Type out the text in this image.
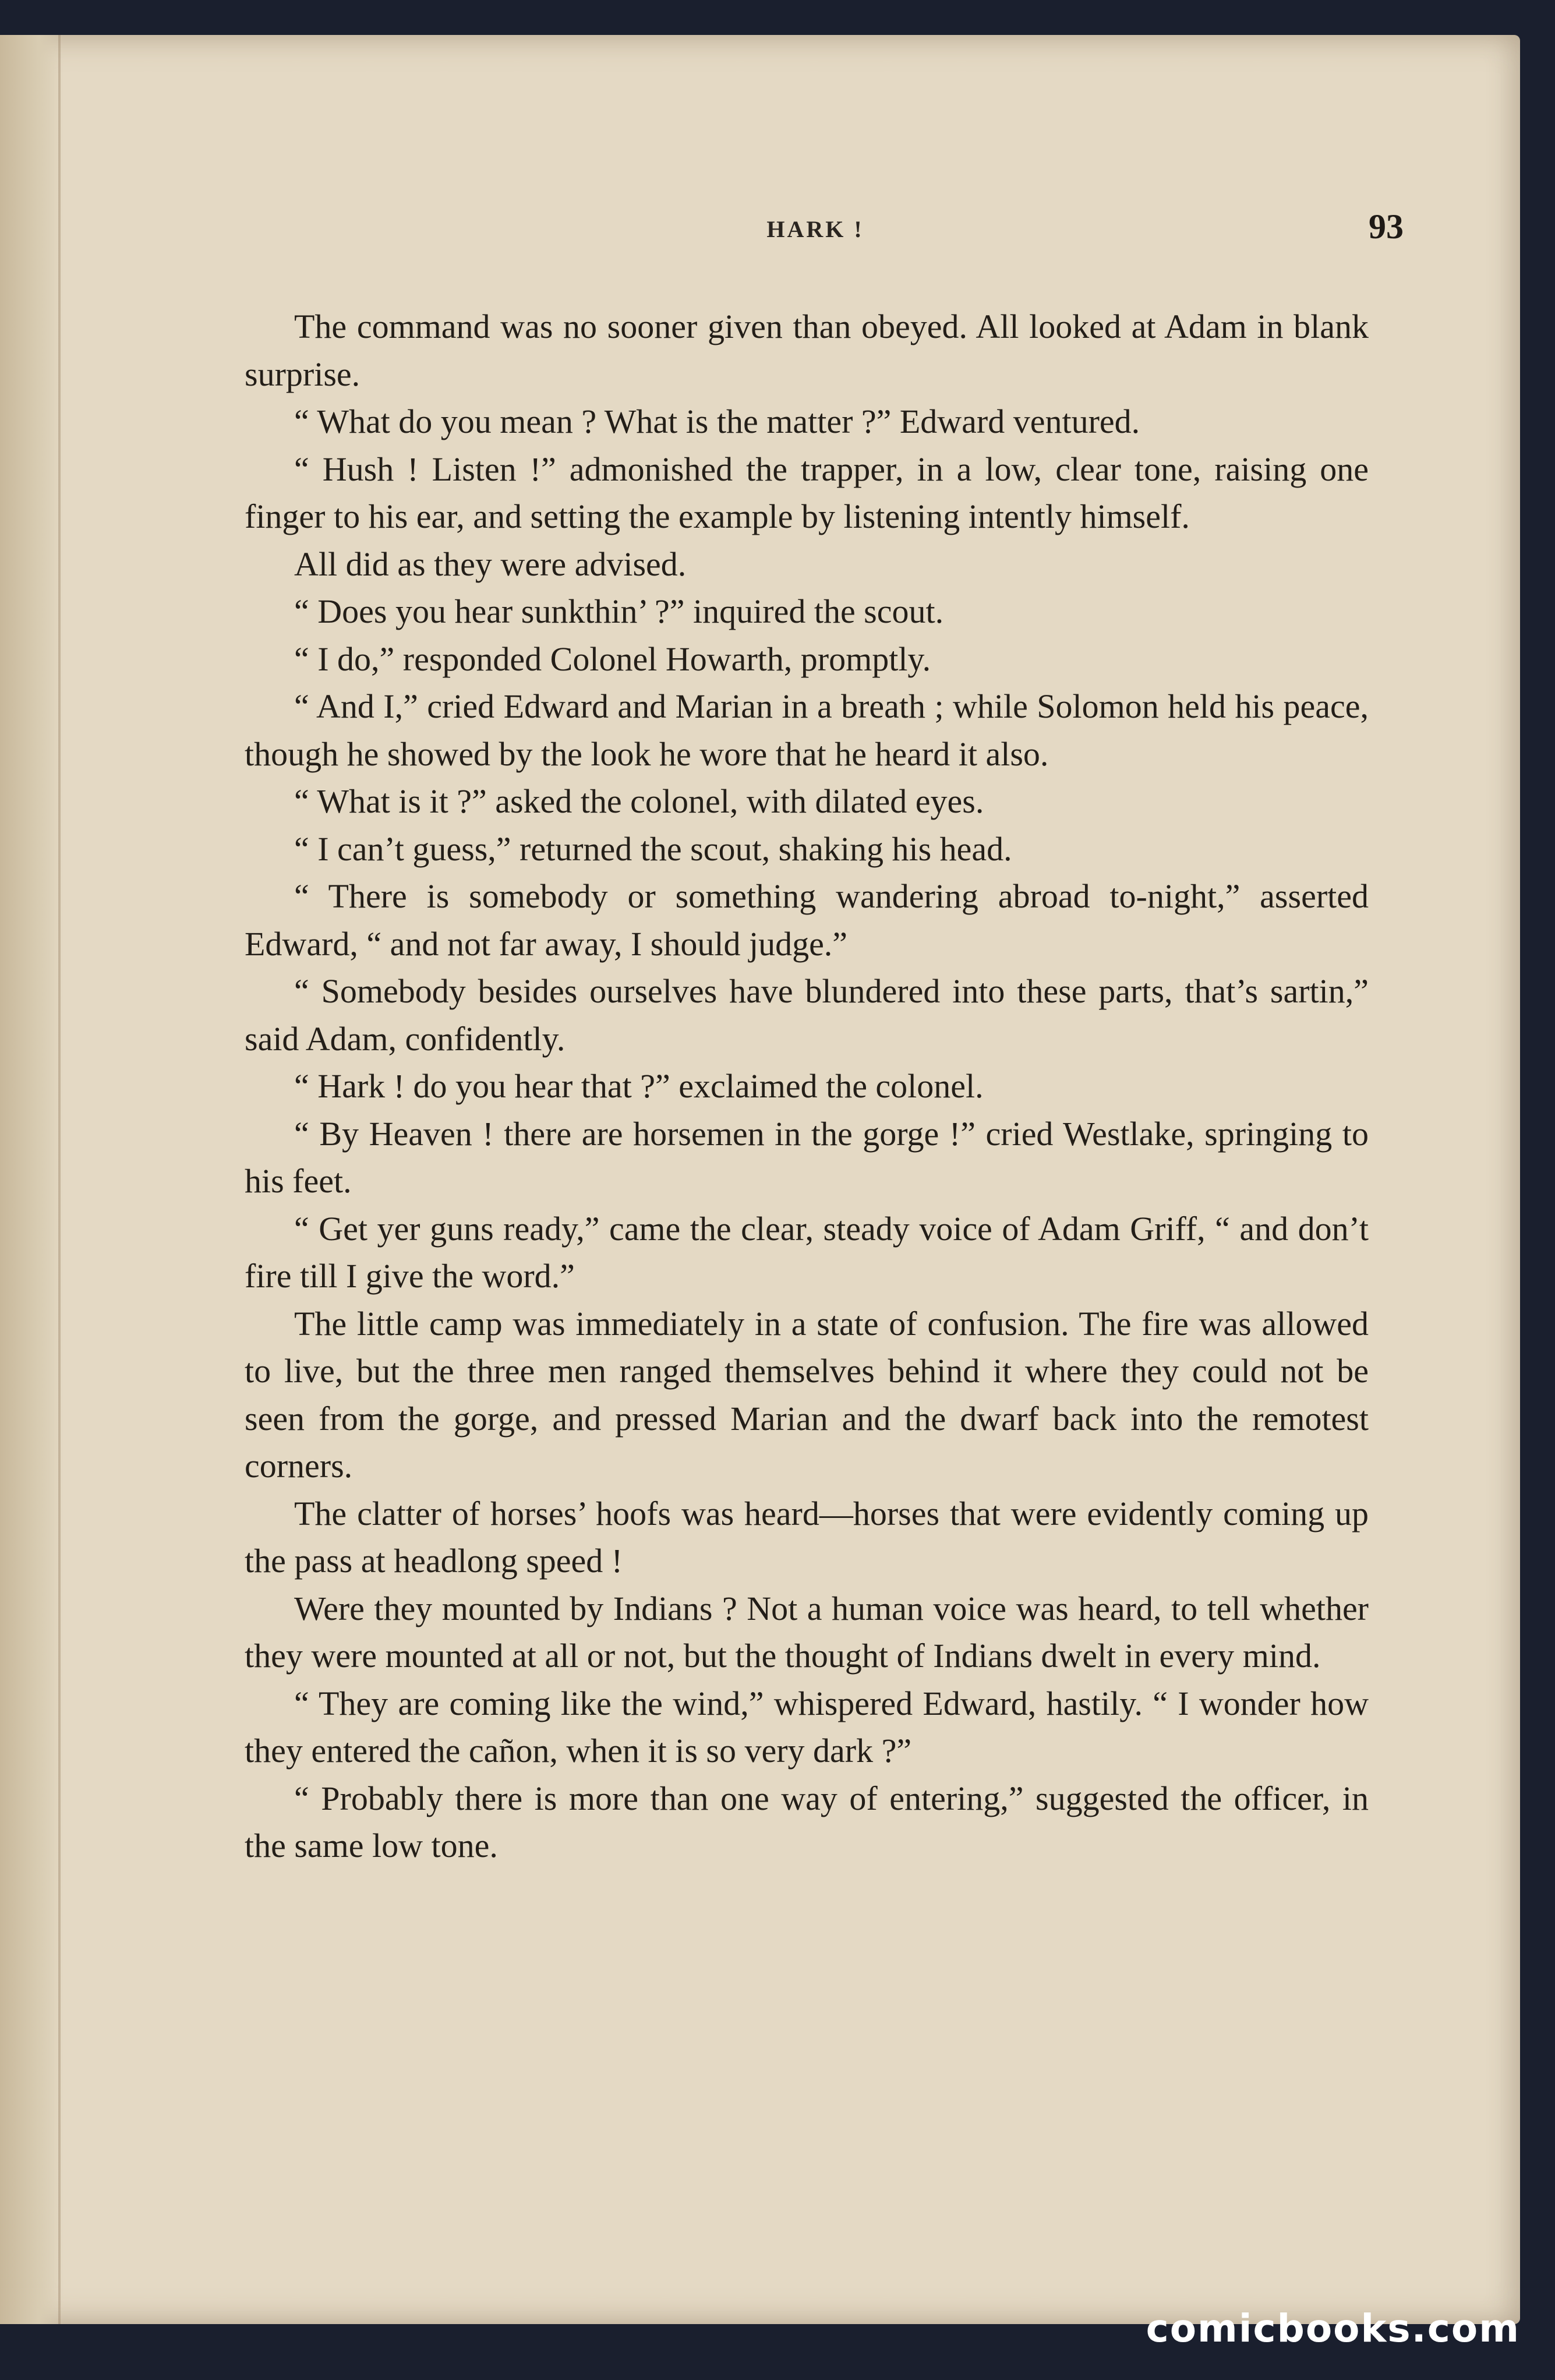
HARK !	93

The command was no sooner given than obeyed. All looked at Adam in blank surprise.

“ What do you mean ? What is the matter ?” Edward ventured.

“ Hush ! Listen !” admonished the trapper, in a low, clear tone, raising one finger to his ear, and setting the example by listening intently himself.

All did as they were advised.

“ Does you hear sunkthin’ ?” inquired the scout.

“ I do,” responded Colonel Howarth, promptly.

“ And I,” cried Edward and Marian in a breath ; while Solomon held his peace, though he showed by the look he wore that he heard it also.

“ What is it ?” asked the colonel, with dilated eyes.

“ I can’t guess,” returned the scout, shaking his head.

“ There is somebody or something wandering abroad to-night,” asserted Edward, “ and not far away, I should judge.”

“ Somebody besides ourselves have blundered into these parts, that’s sartin,” said Adam, confidently.

“ Hark ! do you hear that ?” exclaimed the colonel.

“ By Heaven ! there are horsemen in the gorge !” cried Westlake, springing to his feet.

“ Get yer guns ready,” came the clear, steady voice of Adam Griff, “ and don’t fire till I give the word.”

The little camp was immediately in a state of confusion. The fire was allowed to live, but the three men ranged themselves behind it where they could not be seen from the gorge, and pressed Marian and the dwarf back into the remotest corners.

The clatter of horses’ hoofs was heard—horses that were evidently coming up the pass at headlong speed !

Were they mounted by Indians ? Not a human voice was heard, to tell whether they were mounted at all or not, but the thought of Indians dwelt in every mind.

“ They are coming like the wind,” whispered Edward, hastily. “ I wonder how they entered the cañon, when it is so very dark ?”

“ Probably there is more than one way of entering,” suggested the officer, in the same low tone.

comicbooks.com
